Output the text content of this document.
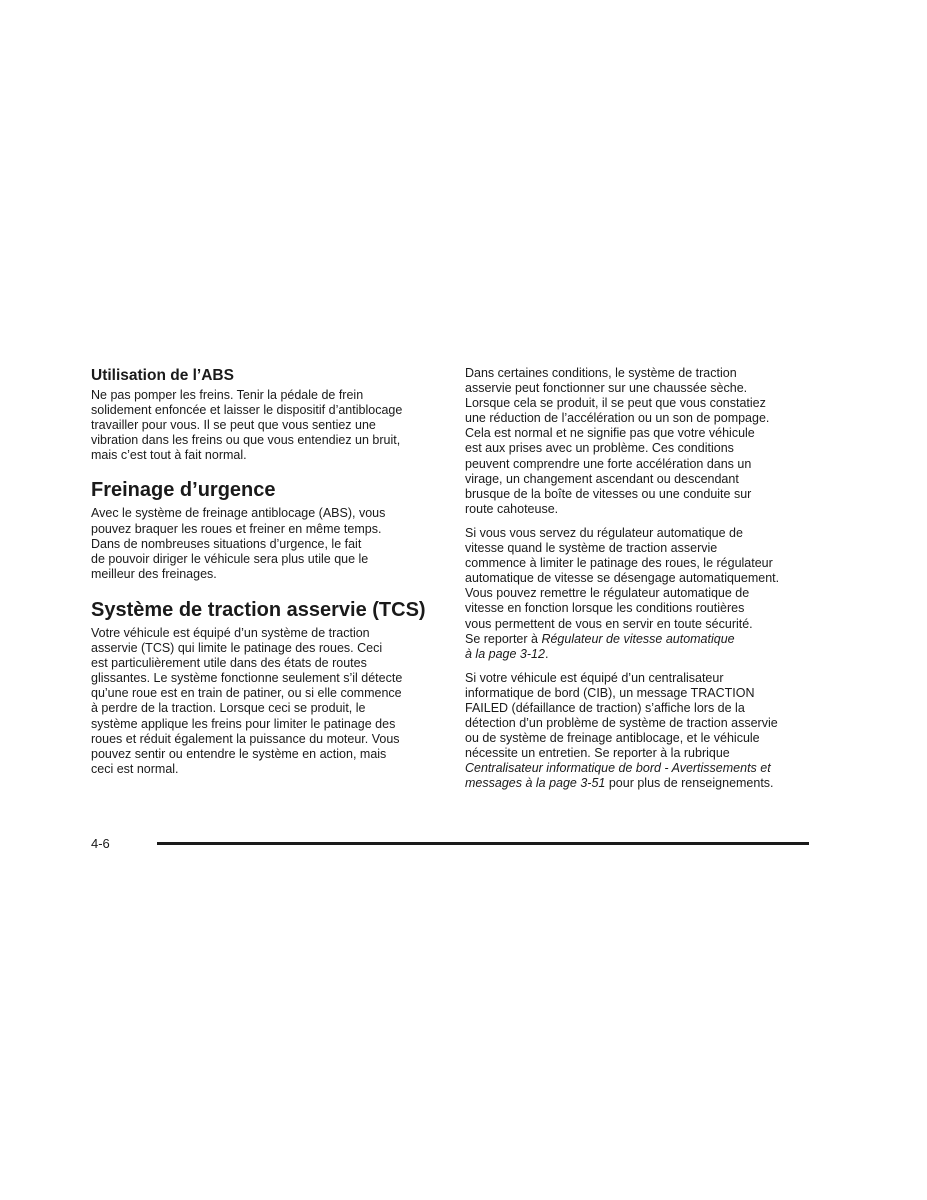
Utilisation de l’ABS

Ne pas pomper les freins. Tenir la pédale de frein
solidement enfoncée et laisser le dispositif d’antiblocage
travailler pour vous. Il se peut que vous sentiez une
vibration dans les freins ou que vous entendiez un bruit,
mais c’est tout à fait normal.

Freinage d’urgence

Avec le système de freinage antiblocage (ABS), vous
pouvez braquer les roues et freiner en même temps.
Dans de nombreuses situations d’urgence, le fait
de pouvoir diriger le véhicule sera plus utile que le
meilleur des freinages.

Système de traction asservie (TCS)

Votre véhicule est équipé d’un système de traction
asservie (TCS) qui limite le patinage des roues. Ceci
est particulièrement utile dans des états de routes
glissantes. Le système fonctionne seulement s’il détecte
qu’une roue est en train de patiner, ou si elle commence
à perdre de la traction. Lorsque ceci se produit, le
système applique les freins pour limiter le patinage des
roues et réduit également la puissance du moteur. Vous
pouvez sentir ou entendre le système en action, mais
ceci est normal.

Dans certaines conditions, le système de traction
asservie peut fonctionner sur une chaussée sèche.
Lorsque cela se produit, il se peut que vous constatiez
une réduction de l’accélération ou un son de pompage.
Cela est normal et ne signifie pas que votre véhicule
est aux prises avec un problème. Ces conditions
peuvent comprendre une forte accélération dans un
virage, un changement ascendant ou descendant
brusque de la boîte de vitesses ou une conduite sur
route cahoteuse.

Si vous vous servez du régulateur automatique de
vitesse quand le système de traction asservie
commence à limiter le patinage des roues, le régulateur
automatique de vitesse se désengage automatiquement.
Vous pouvez remettre le régulateur automatique de
vitesse en fonction lorsque les conditions routières
vous permettent de vous en servir en toute sécurité.
Se reporter à Régulateur de vitesse automatique
à la page 3-12.

Si votre véhicule est équipé d’un centralisateur
informatique de bord (CIB), un message TRACTION
FAILED (défaillance de traction) s’affiche lors de la
détection d’un problème de système de traction asservie
ou de système de freinage antiblocage, et le véhicule
nécessite un entretien. Se reporter à la rubrique
Centralisateur informatique de bord - Avertissements et
messages à la page 3-51 pour plus de renseignements.

4-6
